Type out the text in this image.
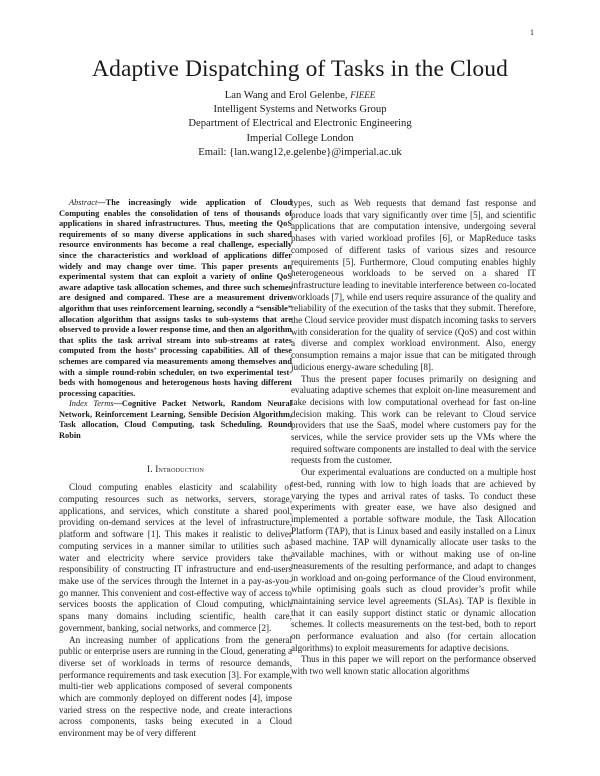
1
Adaptive Dispatching of Tasks in the Cloud
Lan Wang and Erol Gelenbe, FIEEE
Intelligent Systems and Networks Group
Department of Electrical and Electronic Engineering
Imperial College London
Email: {lan.wang12,e.gelenbe}@imperial.ac.uk

Abstract—The increasingly wide application of Cloud Computing enables the consolidation of tens of thousands of applications in shared infrastructures. Thus, meeting the QoS requirements of so many diverse applications in such shared resource environments has become a real challenge, especially since the characteristics and workload of applications differ widely and may change over time. This paper presents an experimental system that can exploit a variety of online QoS aware adaptive task allocation schemes, and three such schemes are designed and compared. These are a measurement driven algorithm that uses reinforcement learning, secondly a “sensible” allocation algorithm that assigns tasks to sub-systems that are observed to provide a lower response time, and then an algorithm that splits the task arrival stream into sub-streams at rates computed from the hosts’ processing capabilities. All of these schemes are compared via measurements among themselves and with a simple round-robin scheduler, on two experimental test-beds with homogenous and heterogenous hosts having different processing capacities.

Index Terms—Cognitive Packet Network, Random Neural Network, Reinforcement Learning, Sensible Decision Algorithm, Task allocation, Cloud Computing, task Scheduling, Round Robin

I. Introduction

Cloud computing enables elasticity and scalability of computing resources such as networks, servers, storage, applications, and services, which constitute a shared pool, providing on-demand services at the level of infrastructure, platform and software [1]. This makes it realistic to deliver computing services in a manner similar to utilities such as water and electricity where service providers take the responsibility of constructing IT infrastructure and end-users make use of the services through the Internet in a pay-as-you-go manner. This convenient and cost-effective way of access to services boosts the application of Cloud computing, which spans many domains including scientific, health care, government, banking, social networks, and commerce [2].

An increasing number of applications from the general public or enterprise users are running in the Cloud, generating a diverse set of workloads in terms of resource demands, performance requirements and task execution [3]. For example, multi-tier web applications composed of several components which are commonly deployed on different nodes [4], impose varied stress on the respective node, and create interactions across components, tasks being executed in a Cloud environment may be of very different

types, such as Web requests that demand fast response and produce loads that vary significantly over time [5], and scientific applications that are computation intensive, undergoing several phases with varied workload profiles [6], or MapReduce tasks composed of different tasks of various sizes and resource requirements [5]. Furthermore, Cloud computing enables highly heterogeneous workloads to be served on a shared IT infrastructure leading to inevitable interference between co-located workloads [7], while end users require assurance of the quality and reliability of the execution of the tasks that they submit. Therefore, the Cloud service provider must dispatch incoming tasks to servers with consideration for the quality of service (QoS) and cost within a diverse and complex workload environment. Also, energy consumption remains a major issue that can be mitigated through judicious energy-aware scheduling [8].

Thus the present paper focuses primarily on designing and evaluating adaptive schemes that exploit on-line measurement and take decisions with low computational overhead for fast on-line decision making. This work can be relevant to Cloud service providers that use the SaaS, model where customers pay for the services, while the service provider sets up the VMs where the required software components are installed to deal with the service requests from the customer.

Our experimental evaluations are conducted on a multiple host test-bed, running with low to high loads that are achieved by varying the types and arrival rates of tasks. To conduct these experiments with greater ease, we have also designed and implemented a portable software module, the Task Allocation Platform (TAP), that is Linux based and easily installed on a Linux based machine. TAP will dynamically allocate user tasks to the available machines, with or without making use of on-line measurements of the resulting performance, and adapt to changes in workload and on-going performance of the Cloud environment, while optimising goals such as cloud provider’s profit while maintaining service level agreements (SLAs). TAP is flexible in that it can easily support distinct static or dynamic allocation schemes. It collects measurements on the test-bed, both to report on performance evaluation and also (for certain allocation algorithms) to exploit measurements for adaptive decisions.

Thus in this paper we will report on the performance observed with two well known static allocation algorithms
